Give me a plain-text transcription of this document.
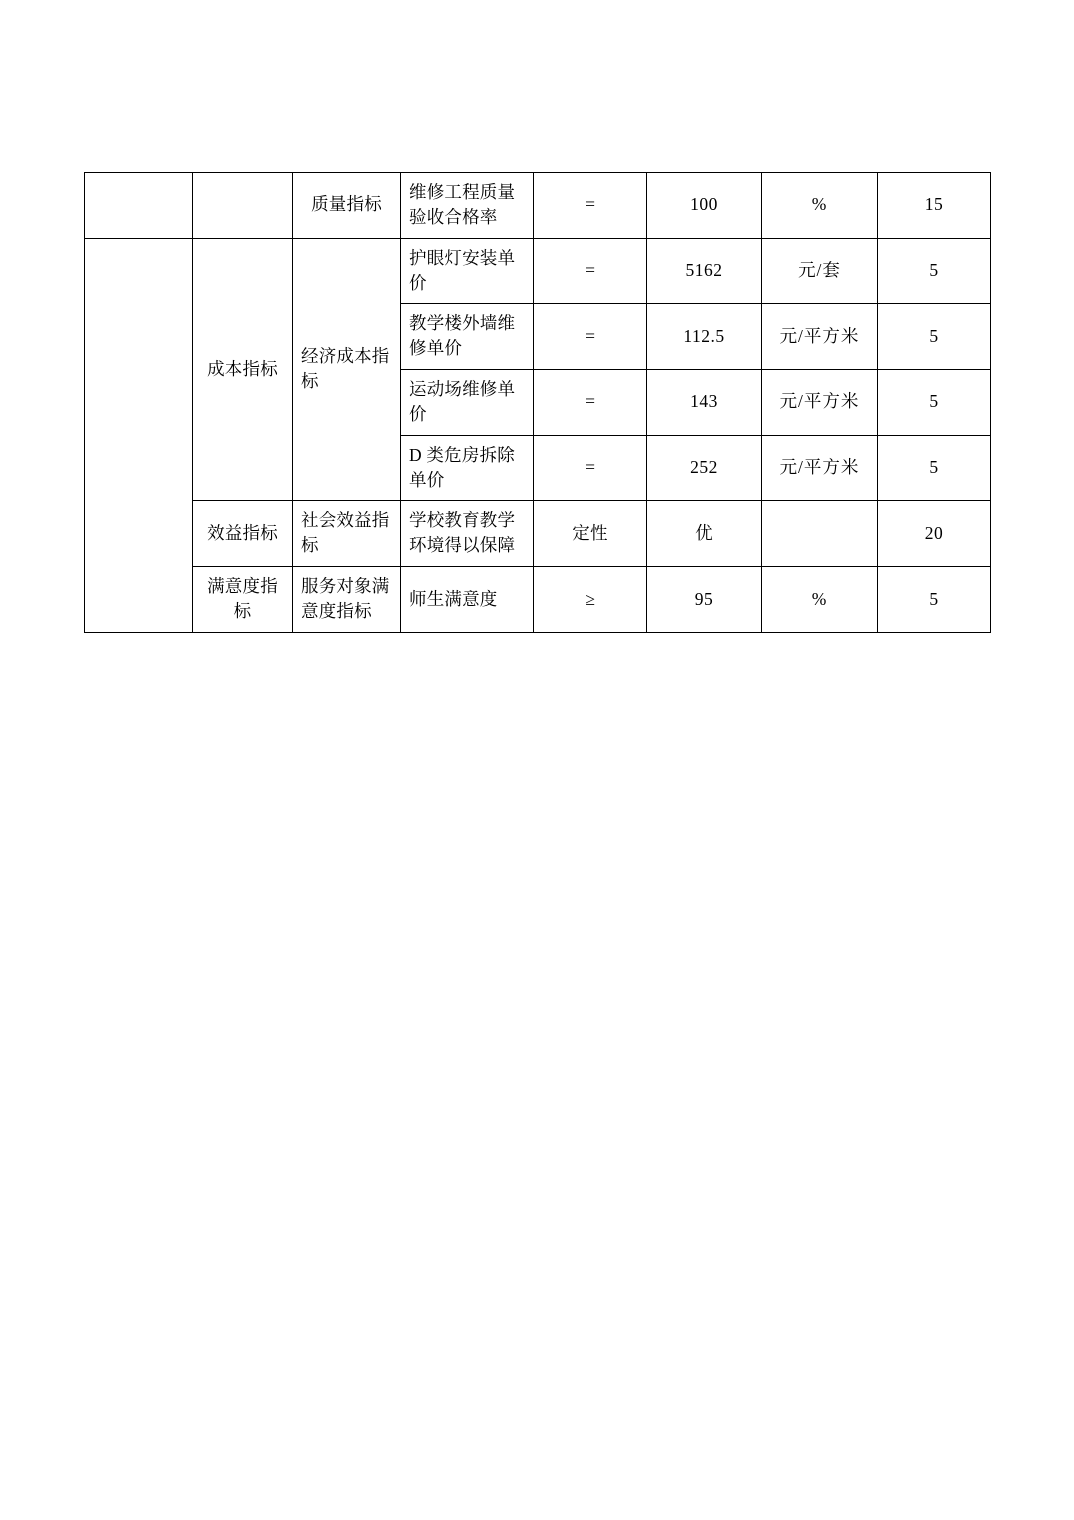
		质量指标	维修工程质量验收合格率	=	100	%	15
	成本指标	经济成本指标	护眼灯安装单价	=	5162	元/套	5
			教学楼外墙维修单价	=	112.5	元/平方米	5
			运动场维修单价	=	143	元/平方米	5
			D 类危房拆除单价	=	252	元/平方米	5
	效益指标	社会效益指标	学校教育教学环境得以保障	定性	优		20
	满意度指标	服务对象满意度指标	师生满意度	≥	95	%	5
